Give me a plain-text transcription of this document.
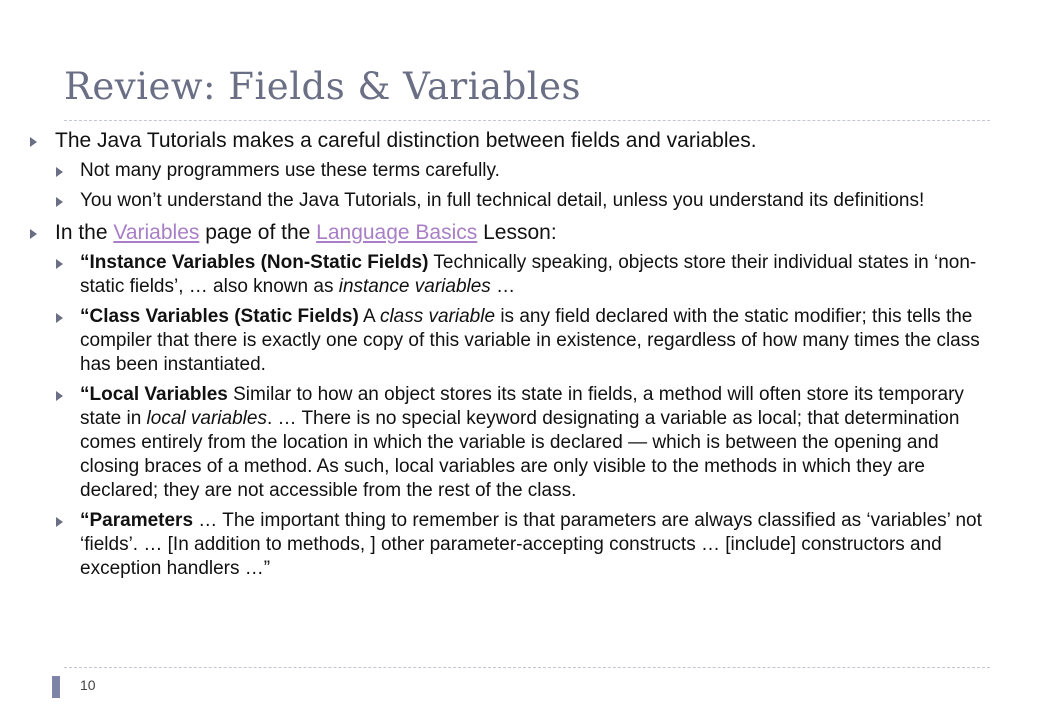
Review: Fields & Variables
The Java Tutorials makes a careful distinction between fields and variables.
Not many programmers use these terms carefully.
You won’t understand the Java Tutorials, in full technical detail, unless you understand its definitions!
In the Variables page of the Language Basics Lesson:
“Instance Variables (Non-Static Fields) Technically speaking, objects store their individual states in ‘non-static fields’, … also known as instance variables …
“Class Variables (Static Fields) A class variable is any field declared with the static modifier; this tells the compiler that there is exactly one copy of this variable in existence, regardless of how many times the class has been instantiated.
“Local Variables Similar to how an object stores its state in fields, a method will often store its temporary state in local variables. … There is no special keyword designating a variable as local; that determination comes entirely from the location in which the variable is declared — which is between the opening and closing braces of a method. As such, local variables are only visible to the methods in which they are declared; they are not accessible from the rest of the class.
“Parameters … The important thing to remember is that parameters are always classified as ‘variables’ not ‘fields’. … [In addition to methods, ] other parameter-accepting constructs … [include] constructors and exception handlers …”
10
